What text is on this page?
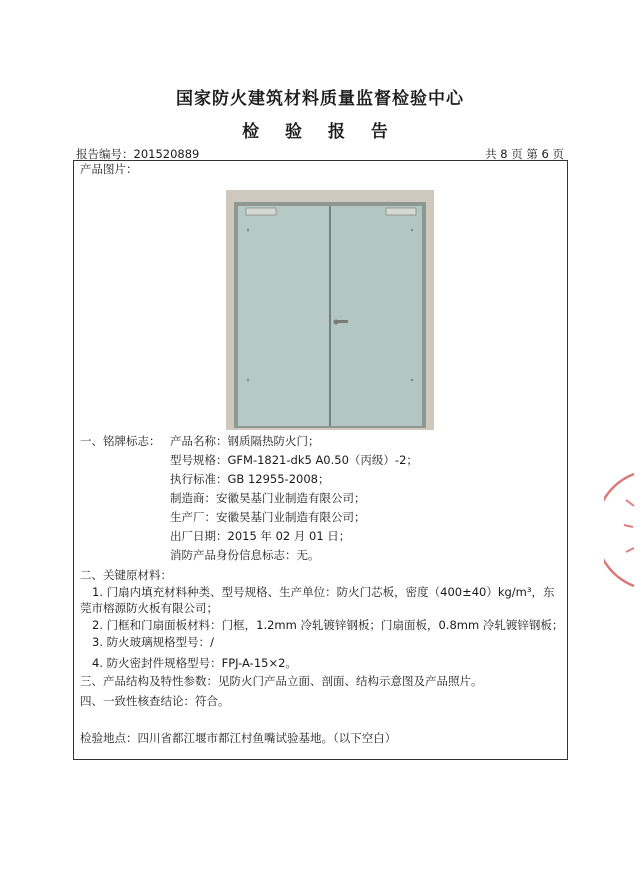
国家防火建筑材料质量监督检验中心
检 验 报 告
报告编号：201520889	共 8 页 第 6 页
产品图片：
一、铭牌标志： 产品名称：钢质隔热防火门；
型号规格：GFM-1821-dk5 A0.50（丙级）-2；
执行标准：GB 12955-2008；
制造商：安徽昊基门业制造有限公司；
生产厂：安徽昊基门业制造有限公司；
出厂日期：2015 年 02 月 01 日；
消防产品身份信息标志：无。
二、关键原材料：
1. 门扇内填充材料种类、型号规格、生产单位：防火门芯板，密度（400±40）kg/m³，东
莞市榕源防火板有限公司；
2. 门框和门扇面板材料：门框，1.2mm 冷轧镀锌钢板；门扇面板，0.8mm 冷轧镀锌钢板；
3. 防火玻璃规格型号：/
4. 防火密封件规格型号：FPJ-A-15×2。
三、产品结构及特性参数：见防火门产品立面、剖面、结构示意图及产品照片。
四、一致性核查结论：符合。
检验地点：四川省都江堰市都江村鱼嘴试验基地。（以下空白）
